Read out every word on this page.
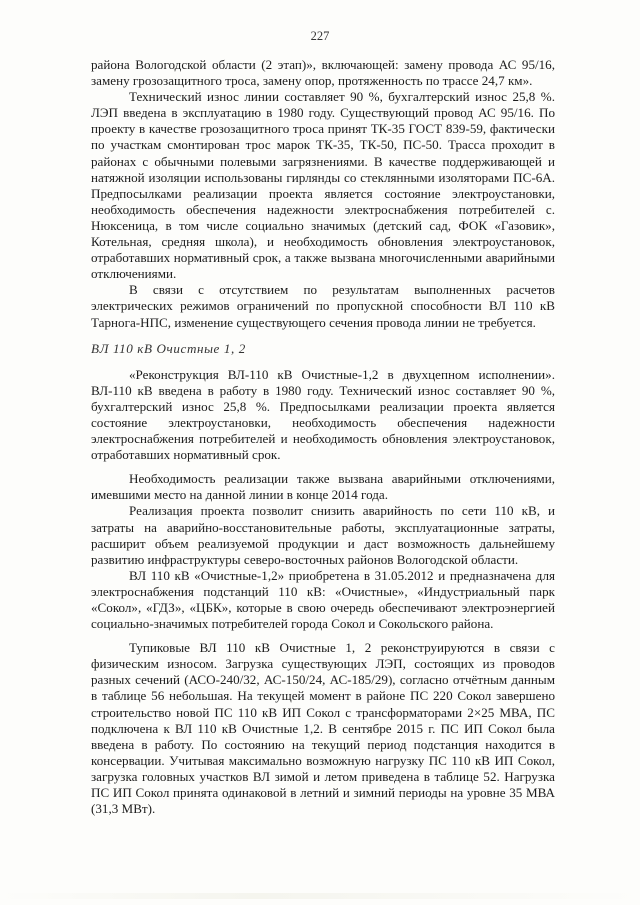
227

района Вологодской области (2 этап)», включающей: замену провода АС 95/16, замену грозозащитного троса, замену опор, протяженность по трассе 24,7 км».

Технический износ линии составляет 90 %, бухгалтерский износ 25,8 %. ЛЭП введена в эксплуатацию в 1980 году. Существующий провод АС 95/16. По проекту в качестве грозозащитного троса принят ТК-35 ГОСТ 839-59, фактически по участкам смонтирован трос марок ТК-35, ТК-50, ПС-50. Трасса проходит в районах с обычными полевыми загрязнениями. В качестве поддерживающей и натяжной изоляции использованы гирлянды со стеклянными изоляторами ПС-6А. Предпосылками реализации проекта является состояние электроустановки, необходимость обеспечения надежности электроснабжения потребителей с. Нюксеница, в том числе социально значимых (детский сад, ФОК «Газовик», Котельная, средняя школа), и необходимость обновления электроустановок, отработавших нормативный срок, а также вызвана многочисленными аварийными отключениями.

В связи с отсутствием по результатам выполненных расчетов электрических режимов ограничений по пропускной способности ВЛ 110 кВ Тарнога-НПС, изменение существующего сечения провода линии не требуется.

ВЛ 110 кВ Очистные 1, 2

«Реконструкция ВЛ-110 кВ Очистные-1,2 в двухцепном исполнении». ВЛ-110 кВ введена в работу в 1980 году. Технический износ составляет 90 %, бухгалтерский износ 25,8 %. Предпосылками реализации проекта является состояние электроустановки, необходимость обеспечения надежности электроснабжения потребителей и необходимость обновления электроустановок, отработавших нормативный срок.

Необходимость реализации также вызвана аварийными отключениями, имевшими место на данной линии в конце 2014 года.

Реализация проекта позволит снизить аварийность по сети 110 кВ, и затраты на аварийно-восстановительные работы, эксплуатационные затраты, расширит объем реализуемой продукции и даст возможность дальнейшему развитию инфраструктуры северо-восточных районов Вологодской области.

ВЛ 110 кВ «Очистные-1,2» приобретена в 31.05.2012 и предназначена для электроснабжения подстанций 110 кВ: «Очистные», «Индустриальный парк «Сокол», «ГДЗ», «ЦБК», которые в свою очередь обеспечивают электроэнергией социально-значимых потребителей города Сокол и Сокольского района.

Тупиковые ВЛ 110 кВ Очистные 1, 2 реконструируются в связи с физическим износом. Загрузка существующих ЛЭП, состоящих из проводов разных сечений (АСО-240/32, АС-150/24, АС-185/29), согласно отчётным данным в таблице 56 небольшая. На текущей момент в районе ПС 220 Сокол завершено строительство новой ПС 110 кВ ИП Сокол с трансформаторами 2×25 МВА, ПС подключена к ВЛ 110 кВ Очистные 1,2. В сентябре 2015 г. ПС ИП Сокол была введена в работу. По состоянию на текущий период подстанция находится в консервации. Учитывая максимально возможную нагрузку ПС 110 кВ ИП Сокол, загрузка головных участков ВЛ зимой и летом приведена в таблице 52. Нагрузка ПС ИП Сокол принята одинаковой в летний и зимний периоды на уровне 35 МВА (31,3 МВт).
